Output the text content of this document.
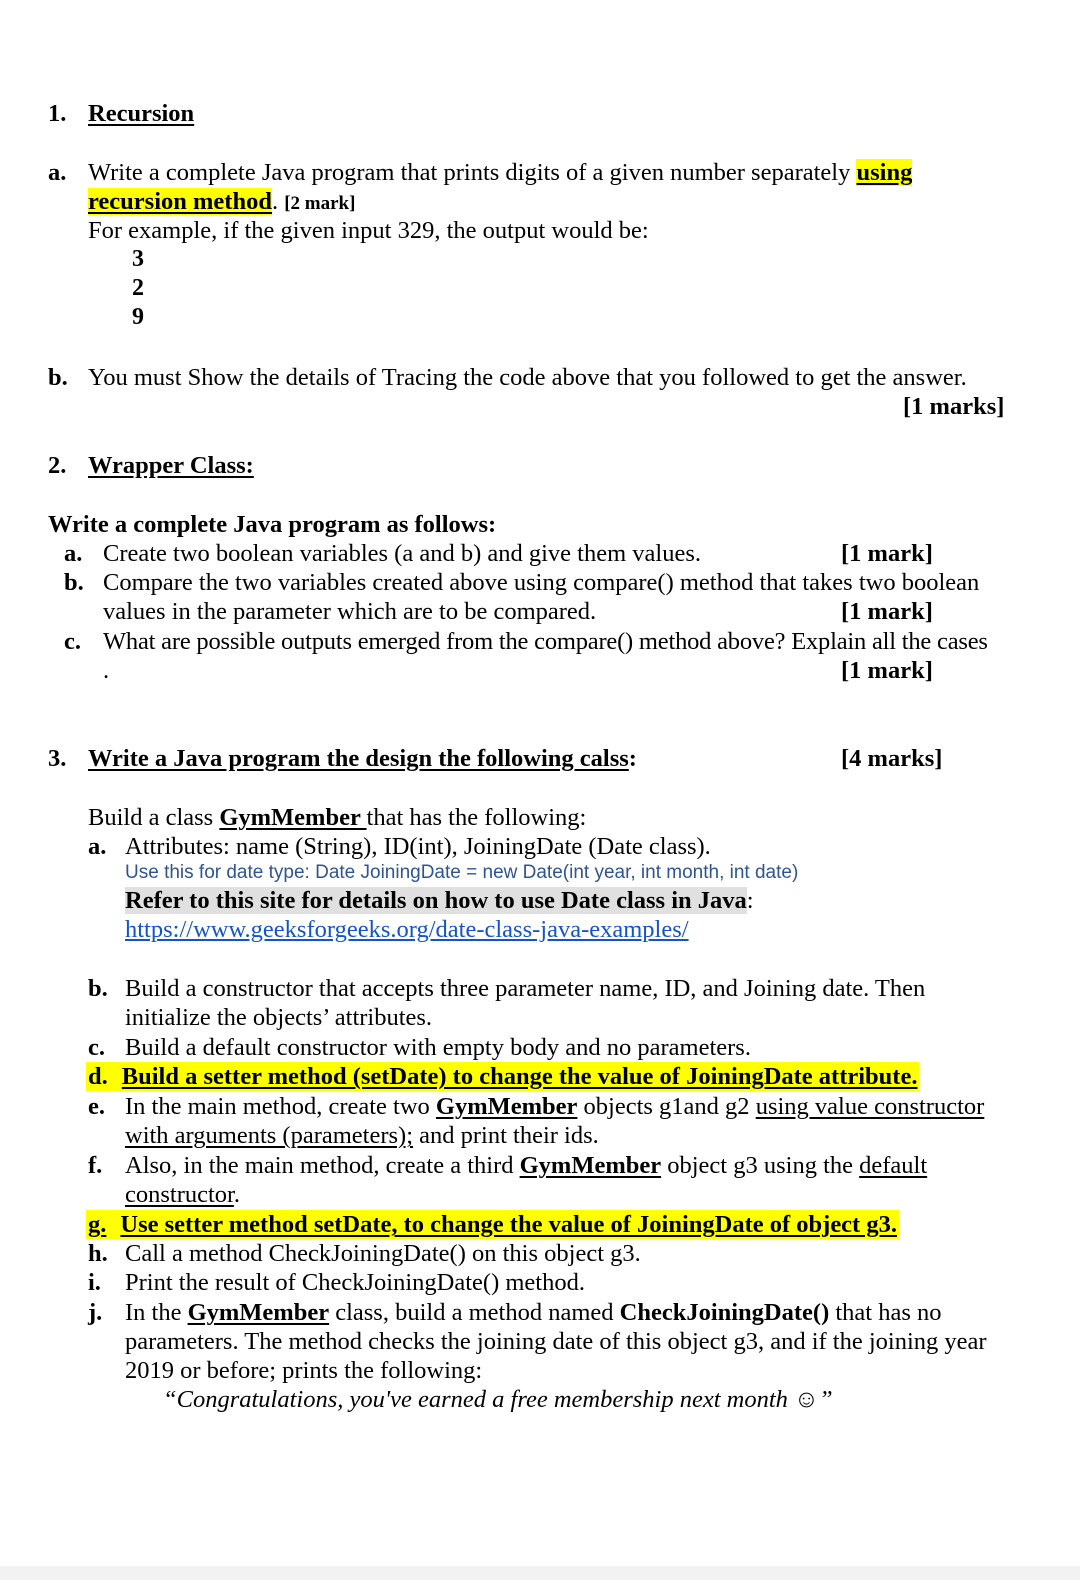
1. Recursion
a. Write a complete Java program that prints digits of a given number separately using
recursion method. [2 mark]
For example, if the given input 329, the output would be:
3
2
9
b. You must Show the details of Tracing the code above that you followed to get the answer.
[1 marks]
2. Wrapper Class:
Write a complete Java program as follows:
a. Create two boolean variables (a and b) and give them values.	[1 mark]
b. Compare the two variables created above using compare() method that takes two boolean
values in the parameter which are to be compared.	[1 mark]
c. What are possible outputs emerged from the compare() method above? Explain all the cases
.	[1 mark]
3. Write a Java program the design the following calss:	[4 marks]
Build a class GymMember that has the following:
a. Attributes: name (String), ID(int), JoiningDate (Date class).
Use this for date type: Date JoiningDate = new Date(int year, int month, int date)
Refer to this site for details on how to use Date class in Java:
https://www.geeksforgeeks.org/date-class-java-examples/
b. Build a constructor that accepts three parameter name, ID, and Joining date. Then
initialize the objects’ attributes.
c. Build a default constructor with empty body and no parameters.
d. Build a setter method (setDate) to change the value of JoiningDate attribute.
e. In the main method, create two GymMember objects g1and g2 using value constructor
with arguments (parameters); and print their ids.
f. Also, in the main method, create a third GymMember object g3 using the default
constructor.
g. Use setter method setDate, to change the value of JoiningDate of object g3.
h. Call a method CheckJoiningDate() on this object g3.
i. Print the result of CheckJoiningDate() method.
j. In the GymMember class, build a method named CheckJoiningDate() that has no
parameters. The method checks the joining date of this object g3, and if the joining year
2019 or before; prints the following:
“Congratulations, you've earned a free membership next month ☺”
